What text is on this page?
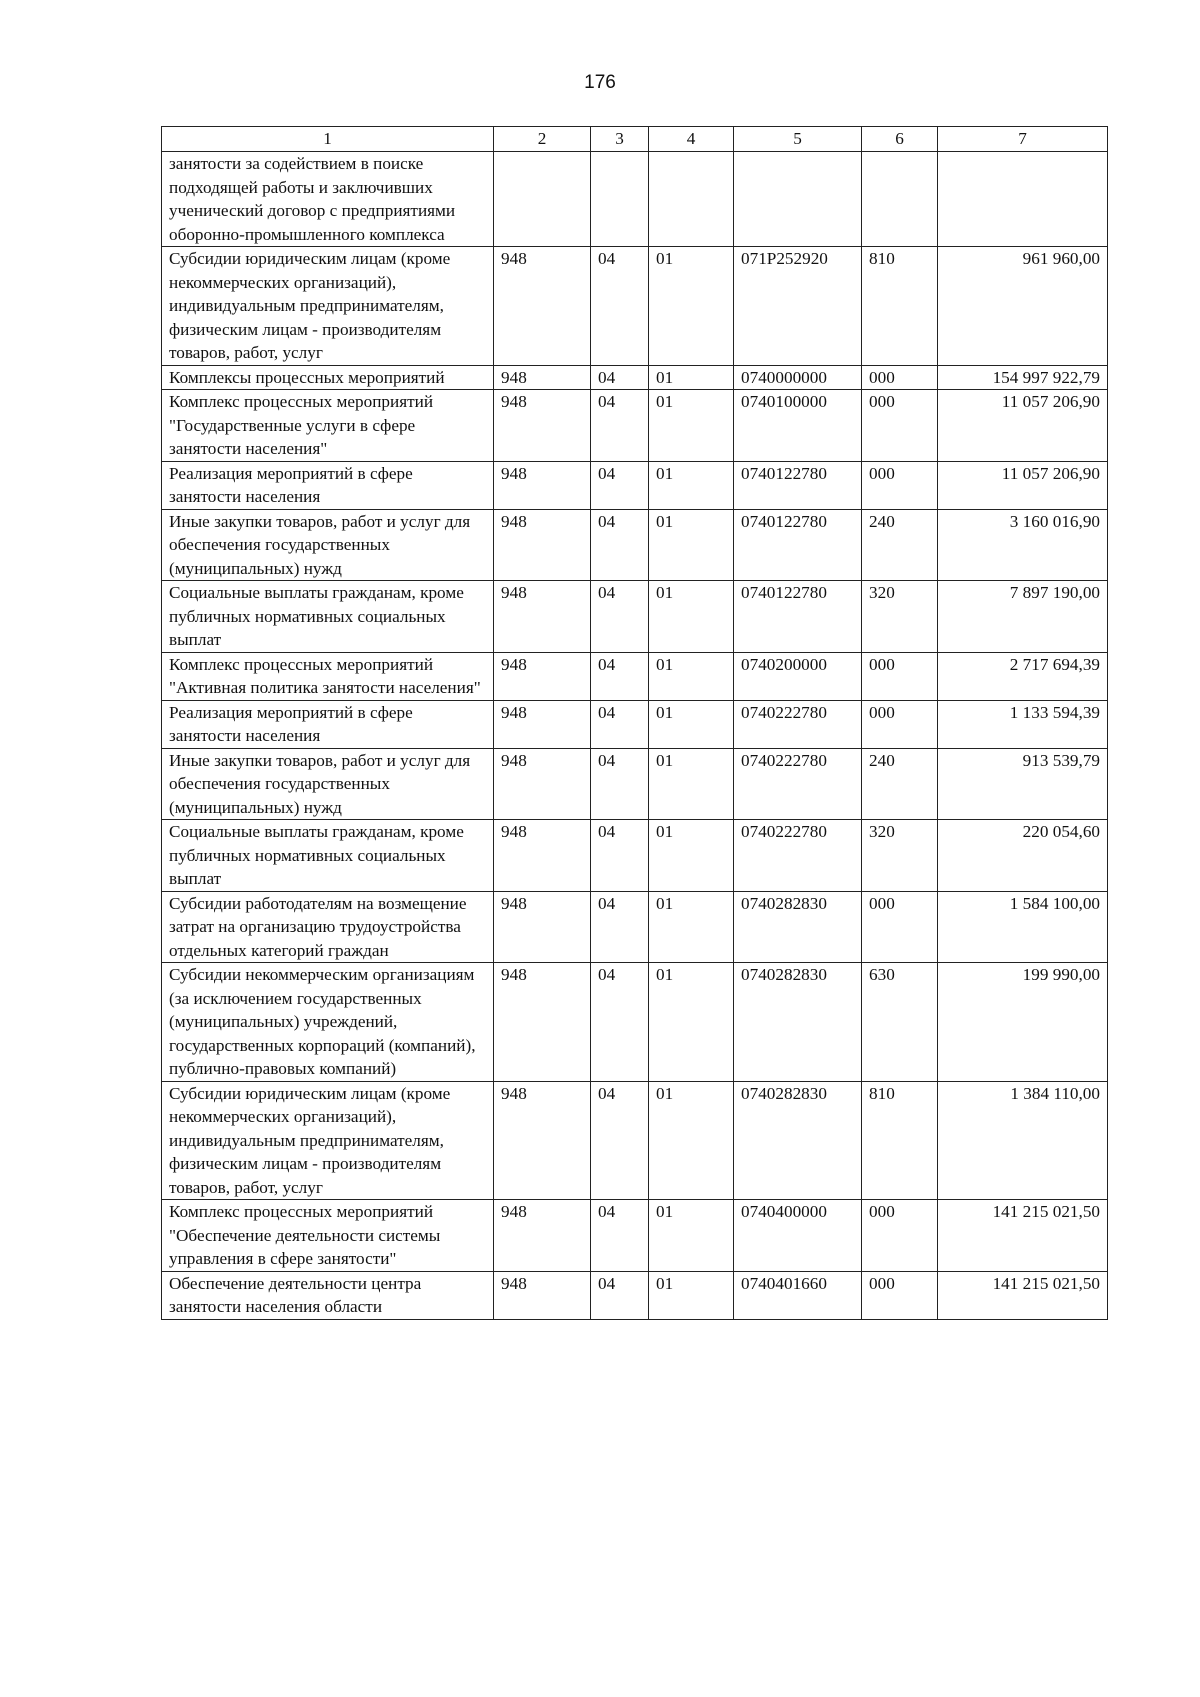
176
1	2	3	4	5	6	7
занятости за содействием в поиске подходящей работы и заключивших ученический договор с предприятиями оборонно-промышленного комплекса						
Субсидии юридическим лицам (кроме некоммерческих организаций), индивидуальным предпринимателям, физическим лицам - производителям товаров, работ, услуг	948	04	01	071P252920	810	961 960,00
Комплексы процессных мероприятий	948	04	01	0740000000	000	154 997 922,79
Комплекс процессных мероприятий "Государственные услуги в сфере занятости населения"	948	04	01	0740100000	000	11 057 206,90
Реализация мероприятий в сфере занятости населения	948	04	01	0740122780	000	11 057 206,90
Иные закупки товаров, работ и услуг для обеспечения государственных (муниципальных) нужд	948	04	01	0740122780	240	3 160 016,90
Социальные выплаты гражданам, кроме публичных нормативных социальных выплат	948	04	01	0740122780	320	7 897 190,00
Комплекс процессных мероприятий "Активная политика занятости населения"	948	04	01	0740200000	000	2 717 694,39
Реализация мероприятий в сфере занятости населения	948	04	01	0740222780	000	1 133 594,39
Иные закупки товаров, работ и услуг для обеспечения государственных (муниципальных) нужд	948	04	01	0740222780	240	913 539,79
Социальные выплаты гражданам, кроме публичных нормативных социальных выплат	948	04	01	0740222780	320	220 054,60
Субсидии работодателям на возмещение затрат на организацию трудоустройства отдельных категорий граждан	948	04	01	0740282830	000	1 584 100,00
Субсидии некоммерческим организациям (за исключением государственных (муниципальных) учреждений, государственных корпораций (компаний), публично-правовых компаний)	948	04	01	0740282830	630	199 990,00
Субсидии юридическим лицам (кроме некоммерческих организаций), индивидуальным предпринимателям, физическим лицам - производителям товаров, работ, услуг	948	04	01	0740282830	810	1 384 110,00
Комплекс процессных мероприятий "Обеспечение деятельности системы управления в сфере занятости"	948	04	01	0740400000	000	141 215 021,50
Обеспечение деятельности центра занятости населения области	948	04	01	0740401660	000	141 215 021,50
